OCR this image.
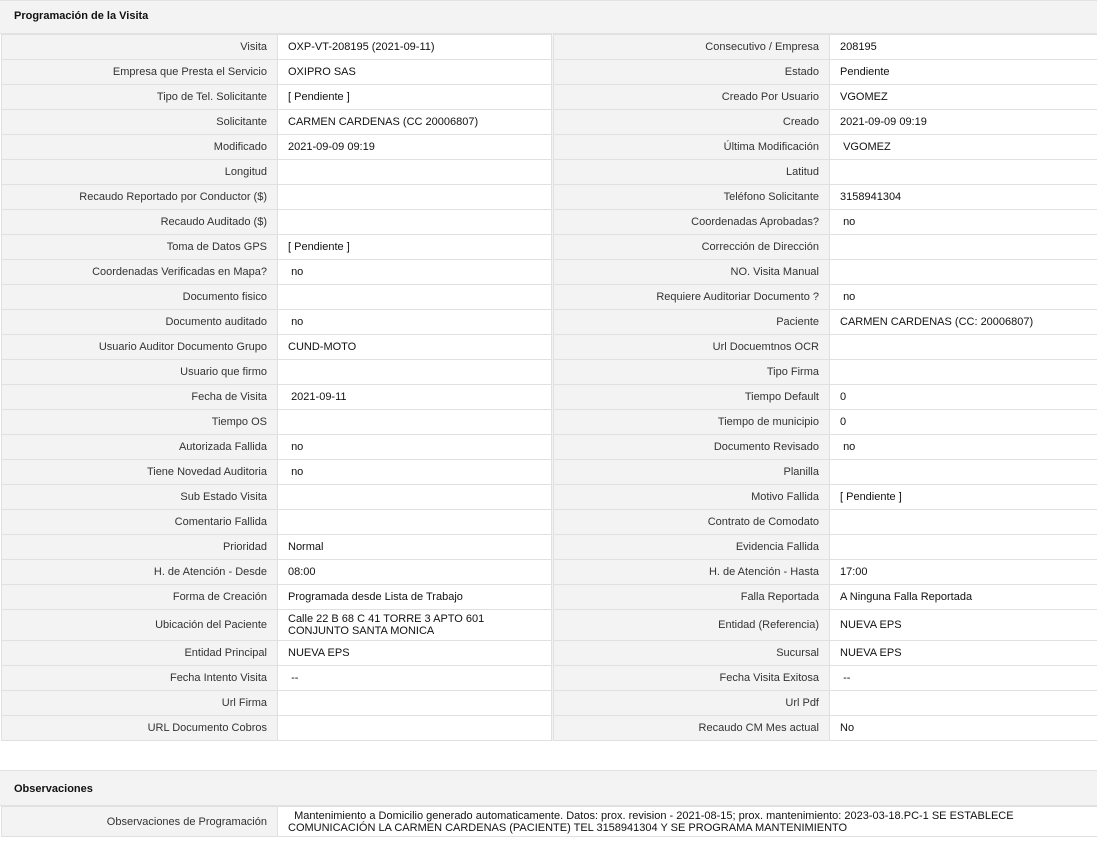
Programación de la Visita
Visita	OXP-VT-208195 (2021-09-11)		Consecutivo / Empresa	208195
Empresa que Presta el Servicio	OXIPRO SAS		Estado	Pendiente
Tipo de Tel. Solicitante	[ Pendiente ]		Creado Por Usuario	VGOMEZ
Solicitante	CARMEN CARDENAS (CC 20006807)		Creado	2021-09-09 09:19
Modificado	2021-09-09 09:19		Última Modificación	VGOMEZ
Longitud			Latitud	
Recaudo Reportado por Conductor ($)			Teléfono Solicitante	3158941304
Recaudo Auditado ($)			Coordenadas Aprobadas?	no
Toma de Datos GPS	[ Pendiente ]		Corrección de Dirección	
Coordenadas Verificadas en Mapa?	no		NO. Visita Manual	
Documento fisico			Requiere Auditoriar Documento ?	no
Documento auditado	no		Paciente	CARMEN CARDENAS (CC: 20006807)
Usuario Auditor Documento Grupo	CUND-MOTO		Url Docuemtnos OCR	
Usuario que firmo			Tipo Firma	
Fecha de Visita	2021-09-11		Tiempo Default	0
Tiempo OS			Tiempo de municipio	0
Autorizada Fallida	no		Documento Revisado	no
Tiene Novedad Auditoria	no		Planilla	
Sub Estado Visita			Motivo Fallida	[ Pendiente ]
Comentario Fallida			Contrato de Comodato	
Prioridad	Normal		Evidencia Fallida	
H. de Atención - Desde	08:00		H. de Atención - Hasta	17:00
Forma de Creación	Programada desde Lista de Trabajo		Falla Reportada	A Ninguna Falla Reportada
Ubicación del Paciente	Calle 22 B 68 C 41 TORRE 3 APTO 601 CONJUNTO SANTA MONICA		Entidad (Referencia)	NUEVA EPS
Entidad Principal	NUEVA EPS		Sucursal	NUEVA EPS
Fecha Intento Visita	--		Fecha Visita Exitosa	--
Url Firma			Url Pdf	
URL Documento Cobros			Recaudo CM Mes actual	No
Observaciones
Observaciones de Programación	Mantenimiento a Domicilio generado automaticamente. Datos: prox. revision - 2021-08-15; prox. mantenimiento: 2023-03-18.PC-1 SE ESTABLECE COMUNICACIÓN LA CARMEN CARDENAS (PACIENTE) TEL 3158941304 Y SE PROGRAMA MANTENIMIENTO
